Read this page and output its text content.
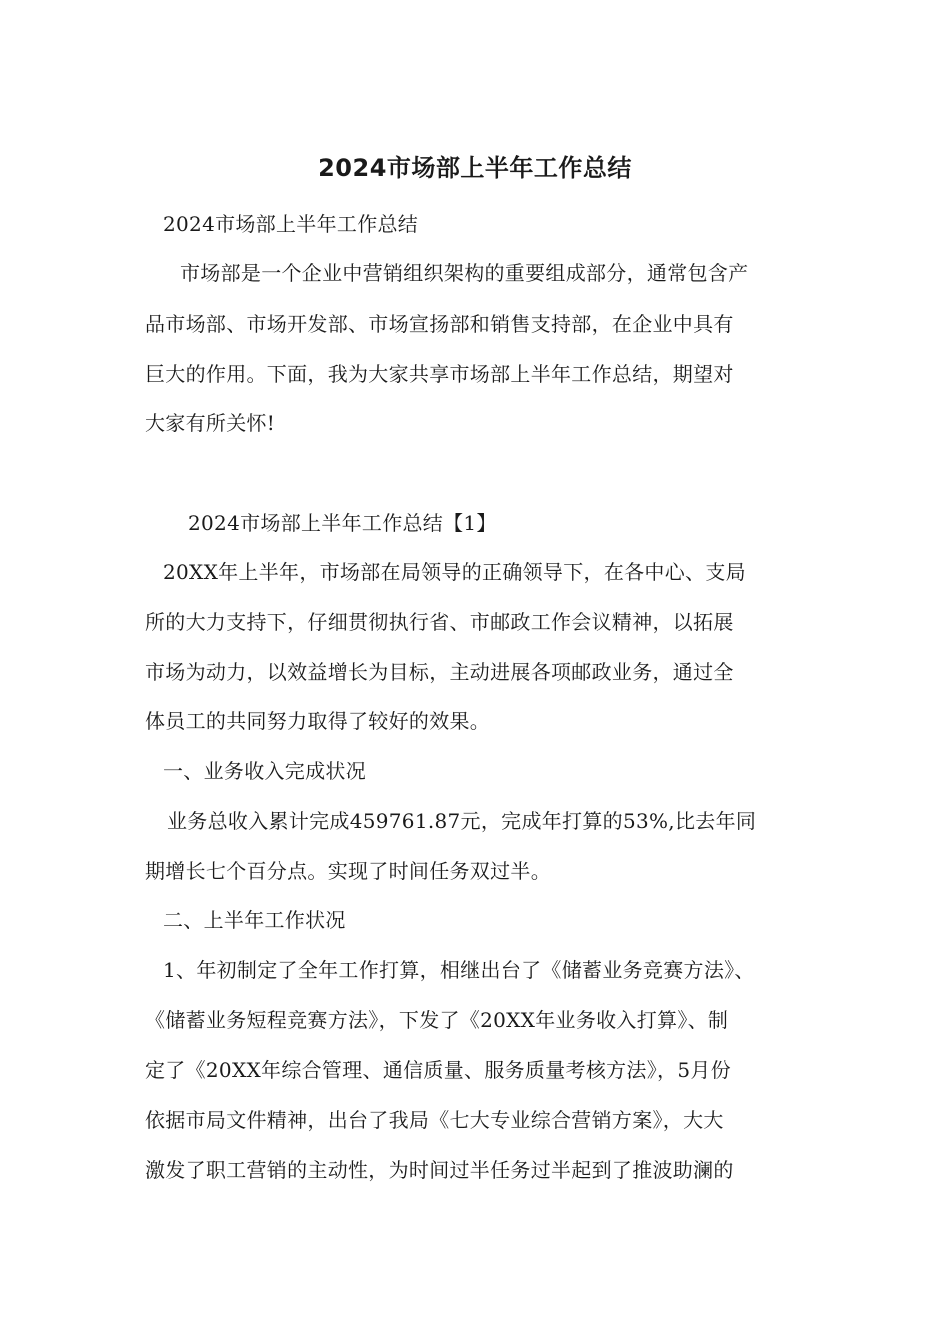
2024市场部上半年工作总结
2024市场部上半年工作总结
市场部是一个企业中营销组织架构的重要组成部分，通常包含产
品市场部、市场开发部、市场宣扬部和销售支持部，在企业中具有
巨大的作用。下面，我为大家共享市场部上半年工作总结，期望对
大家有所关怀!
2024市场部上半年工作总结【1】
20XX年上半年，市场部在局领导的正确领导下，在各中心、支局
所的大力支持下，仔细贯彻执行省、市邮政工作会议精神，以拓展
市场为动力，以效益增长为目标，主动进展各项邮政业务，通过全
体员工的共同努力取得了较好的效果。
一、业务收入完成状况
业务总收入累计完成459761.87元，完成年打算的53%,比去年同
期增长七个百分点。实现了时间任务双过半。
二、上半年工作状况
1、年初制定了全年工作打算，相继出台了《储蓄业务竞赛方法》、
《储蓄业务短程竞赛方法》，下发了《20XX年业务收入打算》、制
定了《20XX年综合管理、通信质量、服务质量考核方法》，5月份
依据市局文件精神，出台了我局《七大专业综合营销方案》，大大
激发了职工营销的主动性，为时间过半任务过半起到了推波助澜的
